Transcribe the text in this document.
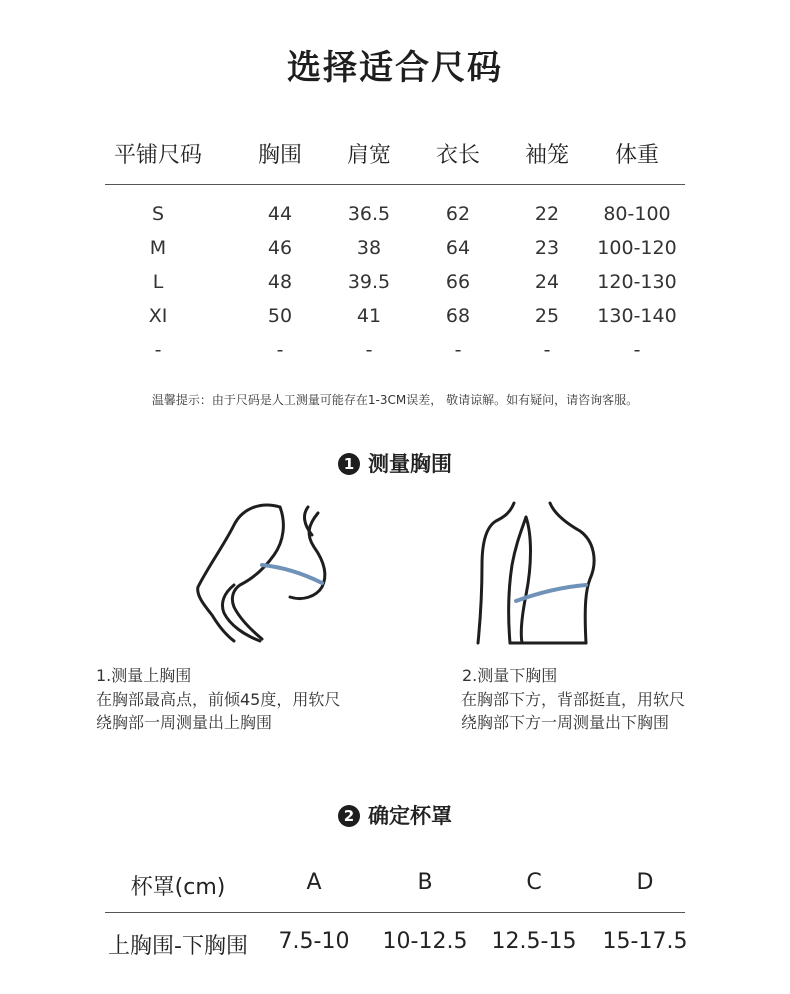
选择适合尺码
平铺尺码	胸围 肩宽 衣长 袖笼 体重
S	44	36.5	62	22 80-100
M	46	38	64	23 100-120
L	48	39.5	66	24 120-130
XI	50	41	68	25 130-140
-	-	-	-	-	-
温馨提示：由于尺码是人工测量可能存在1-3CM误差， 敬请谅解。如有疑问，请咨询客服。
1 测量胸围
1.测量上胸围
在胸部最高点，前倾45度，用软尺
绕胸部一周测量出上胸围
2.测量下胸围
在胸部下方，背部挺直，用软尺
绕胸部下方一周测量出下胸围
2 确定杯罩
杯罩(cm)	A	B	C	D
上胸围-下胸围 7.5-10 10-12.5 12.5-15 15-17.5
